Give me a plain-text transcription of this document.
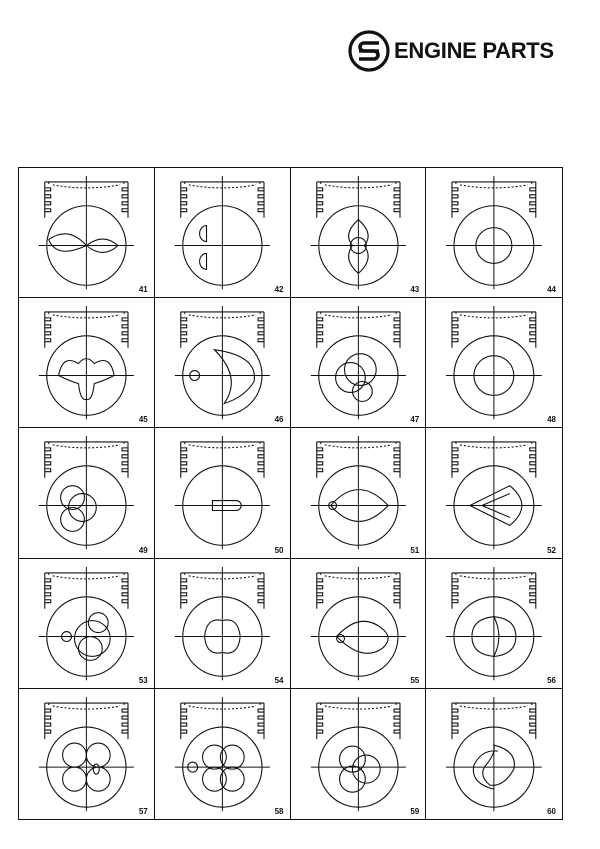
ENGINE PARTS
41	42	43	44
45	46	47	48
49	50	51	52
53	54	55	56
57	58	59	60
